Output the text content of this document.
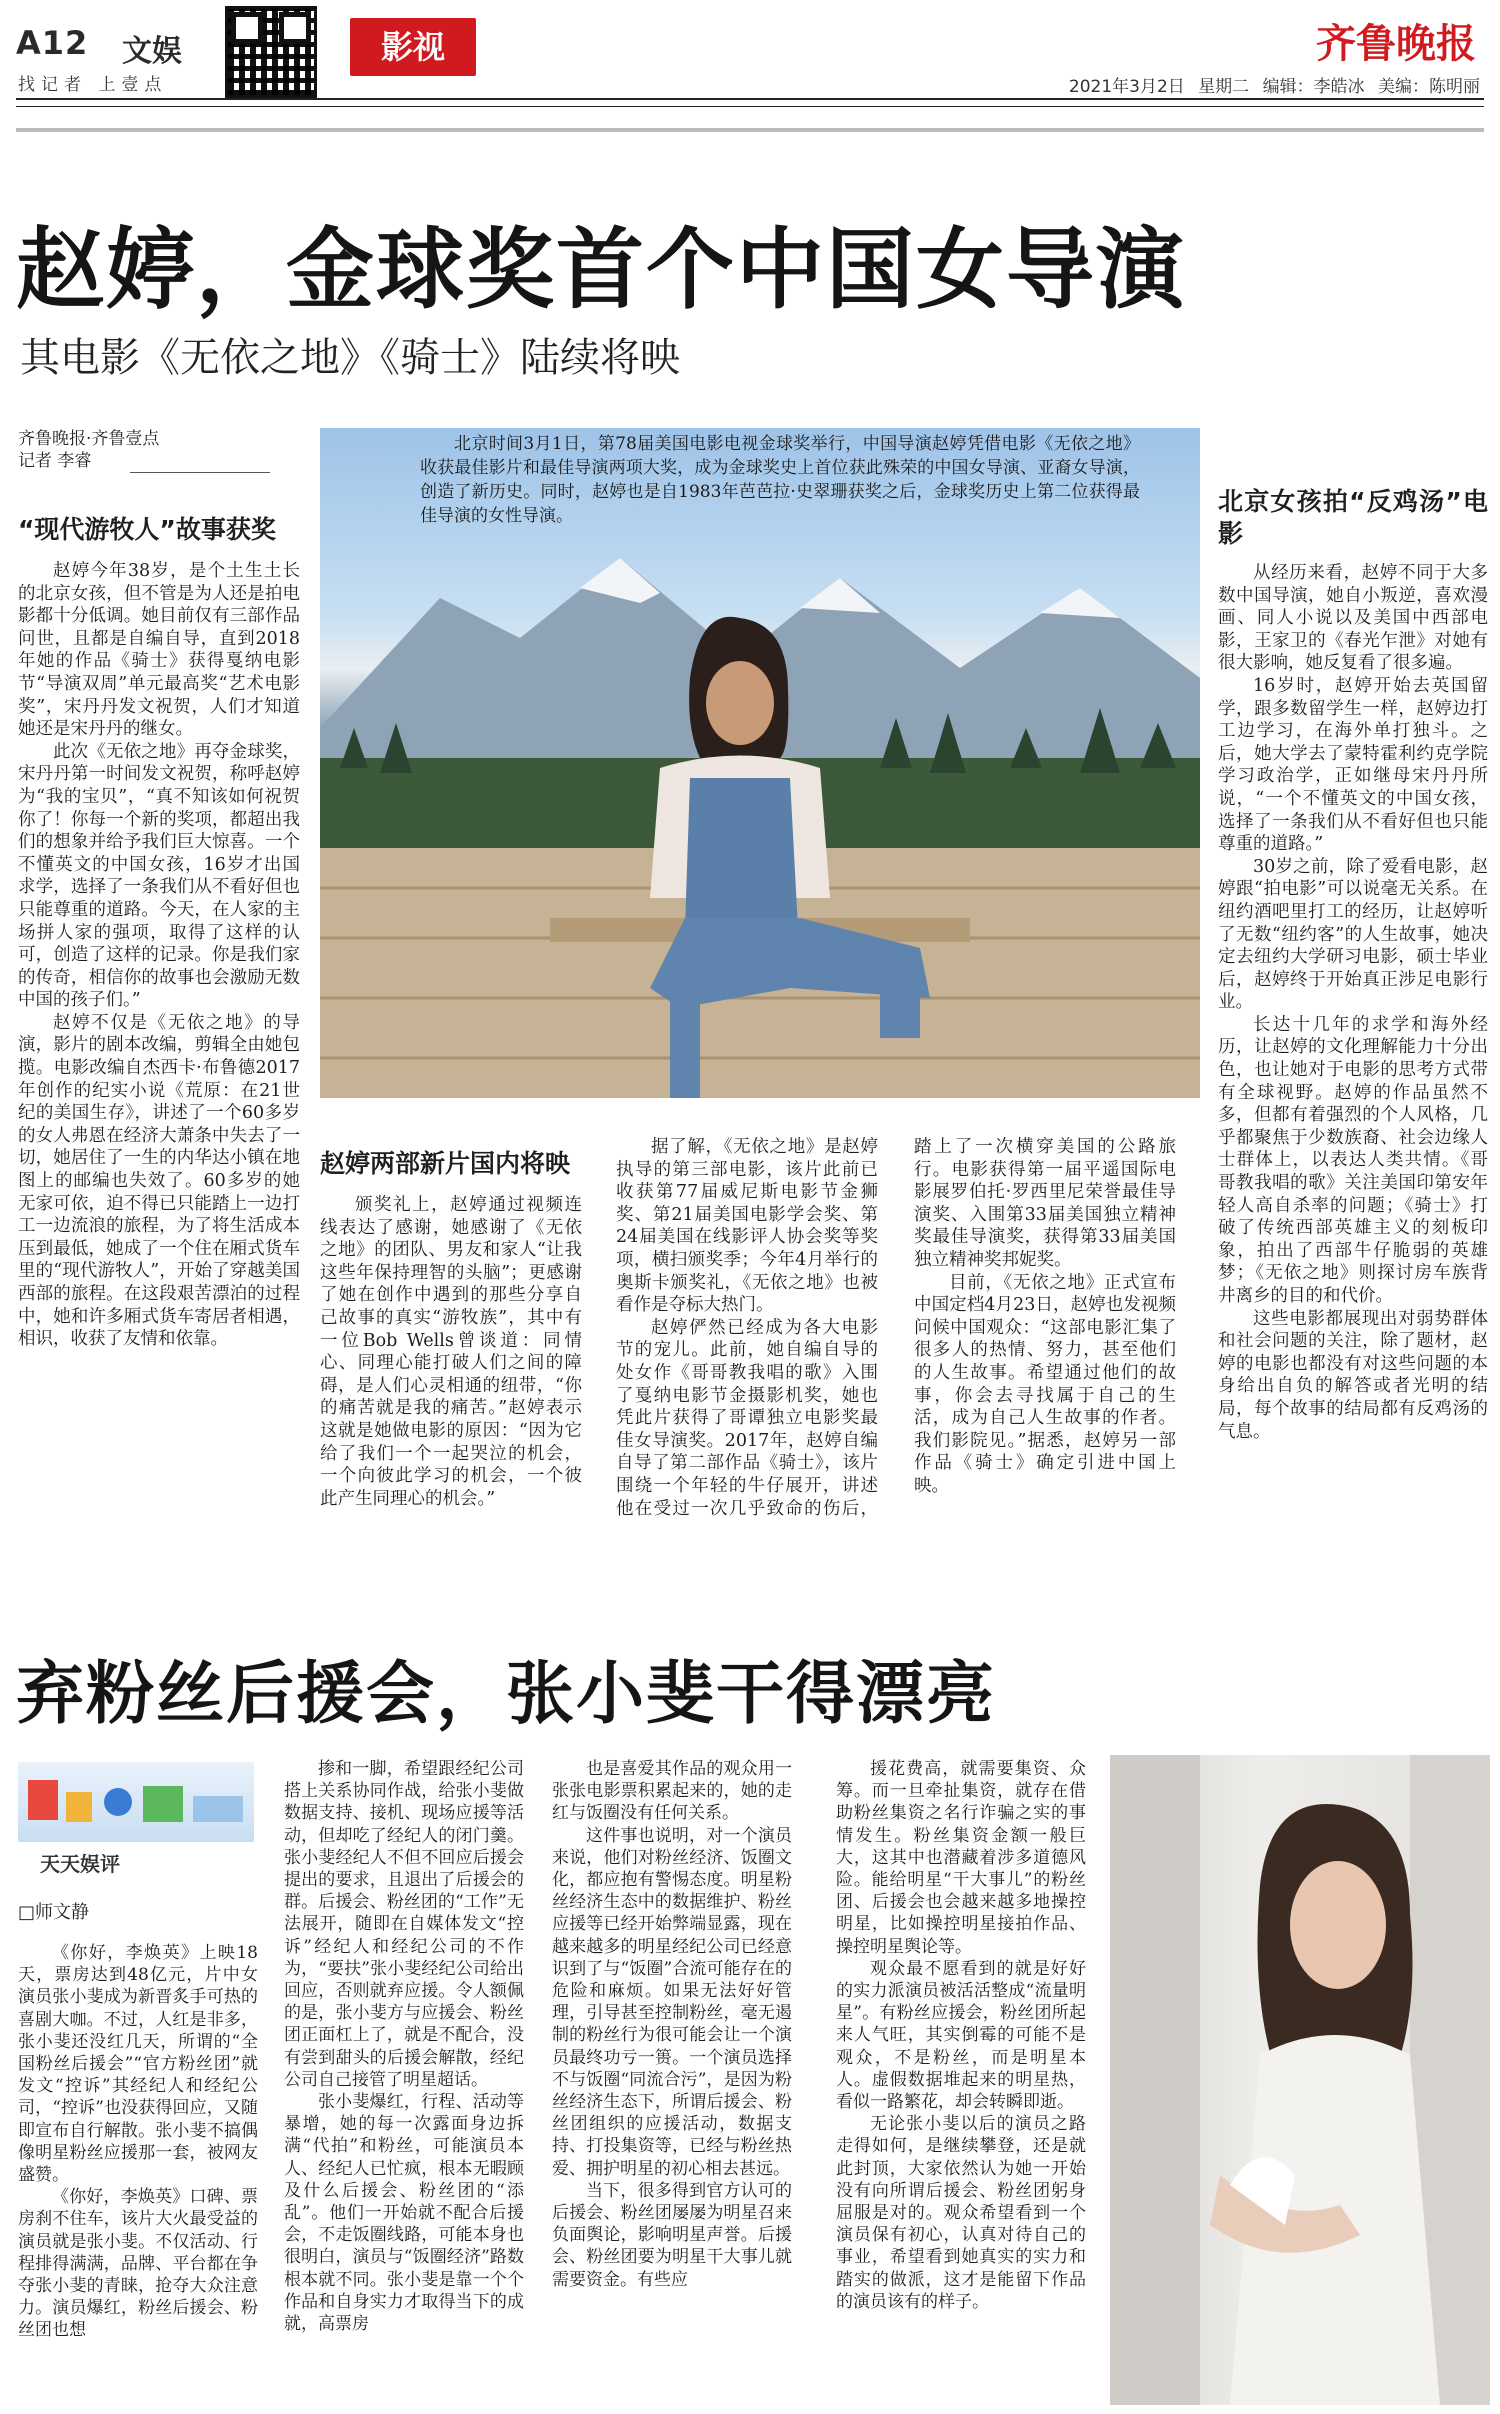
A12 文娱
找记者 上壹点
影视	齐鲁晚报
2021年3月2日 星期二 编辑：李皓冰 美编：陈明丽
赵婷，金球奖首个中国女导演
其电影《无依之地》《骑士》陆续将映
齐鲁晚报·齐鲁壹点
记者 李睿

北京时间3月1日，第78届美国电影电视金球奖举行，中国导演赵婷凭借电影《无依之地》收获最佳影片和最佳导演两项大奖，成为金球奖史上首位获此殊荣的中国女导演、亚裔女导演，创造了新历史。同时，赵婷也是自1983年芭芭拉·史翠珊获奖之后，金球奖历史上第二位获得最佳导演的女性导演。

“现代游牧人”故事获奖

赵婷今年38岁，是个土生土长的北京女孩，但不管是为人还是拍电影都十分低调。她目前仅有三部作品问世，且都是自编自导，直到2018年她的作品《骑士》获得戛纳电影节“导演双周”单元最高奖“艺术电影奖”，宋丹丹发文祝贺，人们才知道她还是宋丹丹的继女。

此次《无依之地》再夺金球奖，宋丹丹第一时间发文祝贺，称呼赵婷为“我的宝贝”，“真不知该如何祝贺你了！你每一个新的奖项，都超出我们的想象并给予我们巨大惊喜。一个不懂英文的中国女孩，16岁才出国求学，选择了一条我们从不看好但也只能尊重的道路。今天，在人家的主场拼人家的强项，取得了这样的认可，创造了这样的记录。你是我们家的传奇，相信你的故事也会激励无数中国的孩子们。”

赵婷不仅是《无依之地》的导演，影片的剧本改编，剪辑全由她包揽。电影改编自杰西卡·布鲁德2017年创作的纪实小说《荒原：在21世纪的美国生存》，讲述了一个60多岁的女人弗恩在经济大萧条中失去了一切，她居住了一生的内华达小镇在地图上的邮编也失效了。60多岁的她无家可依，迫不得已只能踏上一边打工一边流浪的旅程，为了将生活成本压到最低，她成了一个住在厢式货车里的“现代游牧人”，开始了穿越美国西部的旅程。在这段艰苦漂泊的过程中，她和许多厢式货车寄居者相遇，相识，收获了友情和依靠。

赵婷两部新片国内将映

颁奖礼上，赵婷通过视频连线表达了感谢，她感谢了《无依之地》的团队、男友和家人“让我这些年保持理智的头脑”；更感谢了她在创作中遇到的那些分享自己故事的真实“游牧族”，其中有一位Bob Wells曾谈道：同情心、同理心能打破人们之间的障碍，是人们心灵相通的纽带，“你的痛苦就是我的痛苦。”赵婷表示这就是她做电影的原因：“因为它给了我们一个一起哭泣的机会，一个向彼此学习的机会，一个彼此产生同理心的机会。”

据了解，《无依之地》是赵婷执导的第三部电影，该片此前已收获第77届威尼斯电影节金狮奖、第21届美国电影学会奖、第24届美国在线影评人协会奖等奖项，横扫颁奖季；今年4月举行的奥斯卡颁奖礼，《无依之地》也被看作是夺标大热门。

赵婷俨然已经成为各大电影节的宠儿。此前，她自编自导的处女作《哥哥教我唱的歌》入围了戛纳电影节金摄影机奖，她也凭此片获得了哥谭独立电影奖最佳女导演奖。2017年，赵婷自编自导了第二部作品《骑士》，该片围绕一个年轻的牛仔展开，讲述他在受过一次几乎致命的伤后，踏上了一次横穿美国的公路旅行。电影获得第一届平遥国际电影展罗伯托·罗西里尼荣誉最佳导演奖、入围第33届美国独立精神奖最佳导演奖，获得第33届美国独立精神奖邦妮奖。

目前，《无依之地》正式宣布中国定档4月23日，赵婷也发视频问候中国观众：“这部电影汇集了很多人的热情、努力，甚至他们的人生故事。希望通过他们的故事，你会去寻找属于自己的生活，成为自己人生故事的作者。我们影院见。”据悉，赵婷另一部作品《骑士》确定引进中国上映。

北京女孩拍“反鸡汤”电影

从经历来看，赵婷不同于大多数中国导演，她自小叛逆，喜欢漫画、同人小说以及美国中西部电影，王家卫的《春光乍泄》对她有很大影响，她反复看了很多遍。

16岁时，赵婷开始去英国留学，跟多数留学生一样，赵婷边打工边学习，在海外单打独斗。之后，她大学去了蒙特霍利约克学院学习政治学，正如继母宋丹丹所说，“一个不懂英文的中国女孩，选择了一条我们从不看好但也只能尊重的道路。”

30岁之前，除了爱看电影，赵婷跟“拍电影”可以说毫无关系。在纽约酒吧里打工的经历，让赵婷听了无数“纽约客”的人生故事，她决定去纽约大学研习电影，硕士毕业后，赵婷终于开始真正涉足电影行业。

长达十几年的求学和海外经历，让赵婷的文化理解能力十分出色，也让她对于电影的思考方式带有全球视野。赵婷的作品虽然不多，但都有着强烈的个人风格，几乎都聚焦于少数族裔、社会边缘人士群体上，以表达人类共情。《哥哥教我唱的歌》关注美国印第安年轻人高自杀率的问题；《骑士》打破了传统西部英雄主义的刻板印象，拍出了西部牛仔脆弱的英雄梦；《无依之地》则探讨房车族背井离乡的目的和代价。

这些电影都展现出对弱势群体和社会问题的关注，除了题材，赵婷的电影也都没有对这些问题的本身给出自负的解答或者光明的结局，每个故事的结局都有反鸡汤的气息。

弃粉丝后援会，张小斐干得漂亮
天天娱评
□师文静

《你好，李焕英》上映18天，票房达到48亿元，片中女演员张小斐成为新晋炙手可热的喜剧大咖。不过，人红是非多，张小斐还没红几天，所谓的“全国粉丝后援会”“官方粉丝团”就发文“控诉”其经纪人和经纪公司，“控诉”也没获得回应，又随即宣布自行解散。张小斐不搞偶像明星粉丝应援那一套，被网友盛赞。

《你好，李焕英》口碑、票房刹不住车，该片大火最受益的演员就是张小斐。不仅活动、行程排得满满，品牌、平台都在争夺张小斐的青睐，抢夺大众注意力。演员爆红，粉丝后援会、粉丝团也想

掺和一脚，希望跟经纪公司搭上关系协同作战，给张小斐做数据支持、接机、现场应援等活动，但却吃了经纪人的闭门羹。张小斐经纪人不但不回应后援会提出的要求，且退出了后援会的群。后援会、粉丝团的“工作”无法展开，随即在自媒体发文“控诉”经纪人和经纪公司的不作为，“要扶”张小斐经纪公司给出回应，否则就弃应援。令人额佩的是，张小斐方与应援会、粉丝团正面杠上了，就是不配合，没有尝到甜头的后援会解散，经纪公司自己接管了明星超话。

张小斐爆红，行程、活动等暴增，她的每一次露面身边拆满“代拍”和粉丝，可能演员本人、经纪人已忙疯，根本无暇顾及什么后援会、粉丝团的“添乱”。他们一开始就不配合后援会，不走饭圈线路，可能本身也很明白，演员与“饭圈经济”路数根本就不同。张小斐是靠一个个作品和自身实力才取得当下的成就，高票房

也是喜爱其作品的观众用一张张电影票积累起来的，她的走红与饭圈没有任何关系。

这件事也说明，对一个演员来说，他们对粉丝经济、饭圈文化，都应抱有警惕态度。明星粉丝经济生态中的数据维护、粉丝应援等已经开始弊端显露，现在越来越多的明星经纪公司已经意识到了与“饭圈”合流可能存在的危险和麻烦。如果无法好好管理，引导甚至控制粉丝，毫无遏制的粉丝行为很可能会让一个演员最终功亏一篑。一个演员选择不与饭圈“同流合污”，是因为粉丝经济生态下，所谓后援会、粉丝团组织的应援活动，数据支持、打投集资等，已经与粉丝热爱、拥护明星的初心相去甚远。

当下，很多得到官方认可的后援会、粉丝团屡屡为明星召来负面舆论，影响明星声誉。后援会、粉丝团要为明星干大事儿就需要资金。有些应

援花费高，就需要集资、众筹。而一旦牵扯集资，就存在借助粉丝集资之名行诈骗之实的事情发生。粉丝集资金额一般巨大，这其中也潜藏着涉多道德风险。能给明星“干大事儿”的粉丝团、后援会也会越来越多地操控明星，比如操控明星接拍作品、操控明星舆论等。

观众最不愿看到的就是好好的实力派演员被活活整成“流量明星”。有粉丝应援会，粉丝团所起来人气旺，其实倒霉的可能不是观众，不是粉丝，而是明星本人。虚假数据堆起来的明星热，看似一路繁花，却会转瞬即逝。

无论张小斐以后的演员之路走得如何，是继续攀登，还是就此封顶，大家依然认为她一开始没有向所谓后援会、粉丝团躬身屈服是对的。观众希望看到一个演员保有初心，认真对待自己的事业，希望看到她真实的实力和踏实的做派，这才是能留下作品的演员该有的样子。
